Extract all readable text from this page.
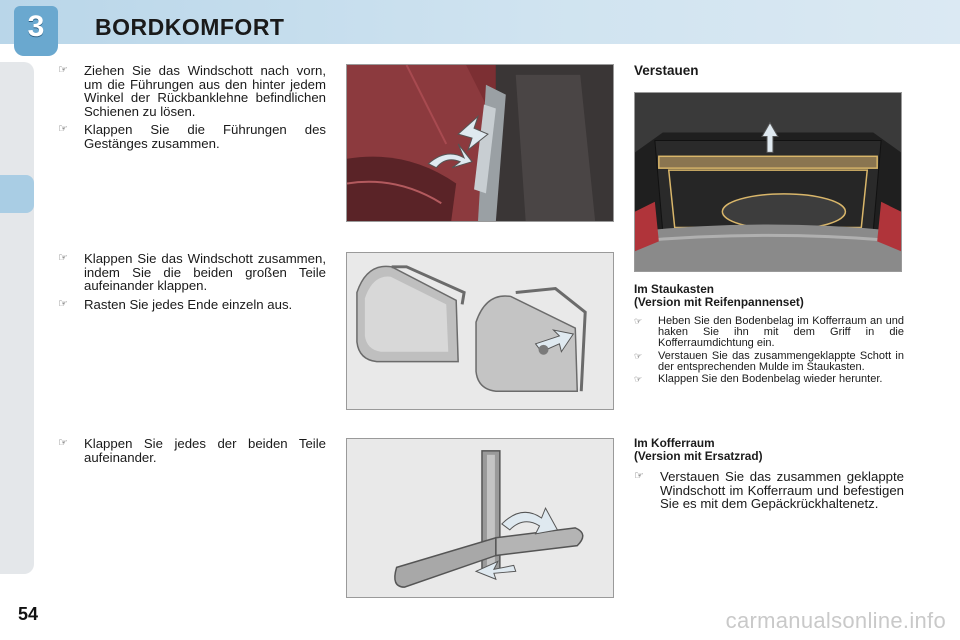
3	BORDKOMFORT
☞ Ziehen Sie das Windschott nach vorn, um die Führungen aus den hinter jedem Winkel der Rückbanklehne befindlichen Schienen zu lösen.
☞ Klappen Sie die Führungen des Gestänges zusammen.
☞ Klappen Sie das Windschott zusammen, indem Sie die beiden großen Teile aufeinander klappen.
☞ Rasten Sie jedes Ende einzeln aus.
☞ Klappen Sie jedes der beiden Teile aufeinander.
Verstauen
Im Staukasten
(Version mit Reifenpannenset)
☞ Heben Sie den Bodenbelag im Kofferraum an und haken Sie ihn mit dem Griff in die Kofferraumdichtung ein.
☞ Verstauen Sie das zusammengeklappte Schott in der entsprechenden Mulde im Staukasten.
☞ Klappen Sie den Bodenbelag wieder herunter.
Im Kofferraum
(Version mit Ersatzrad)
☞ Verstauen Sie das zusammen geklappte Windschott im Kofferraum und befestigen Sie es mit dem Gepäckrückhaltenetz.
54	carmanualsonline.info
